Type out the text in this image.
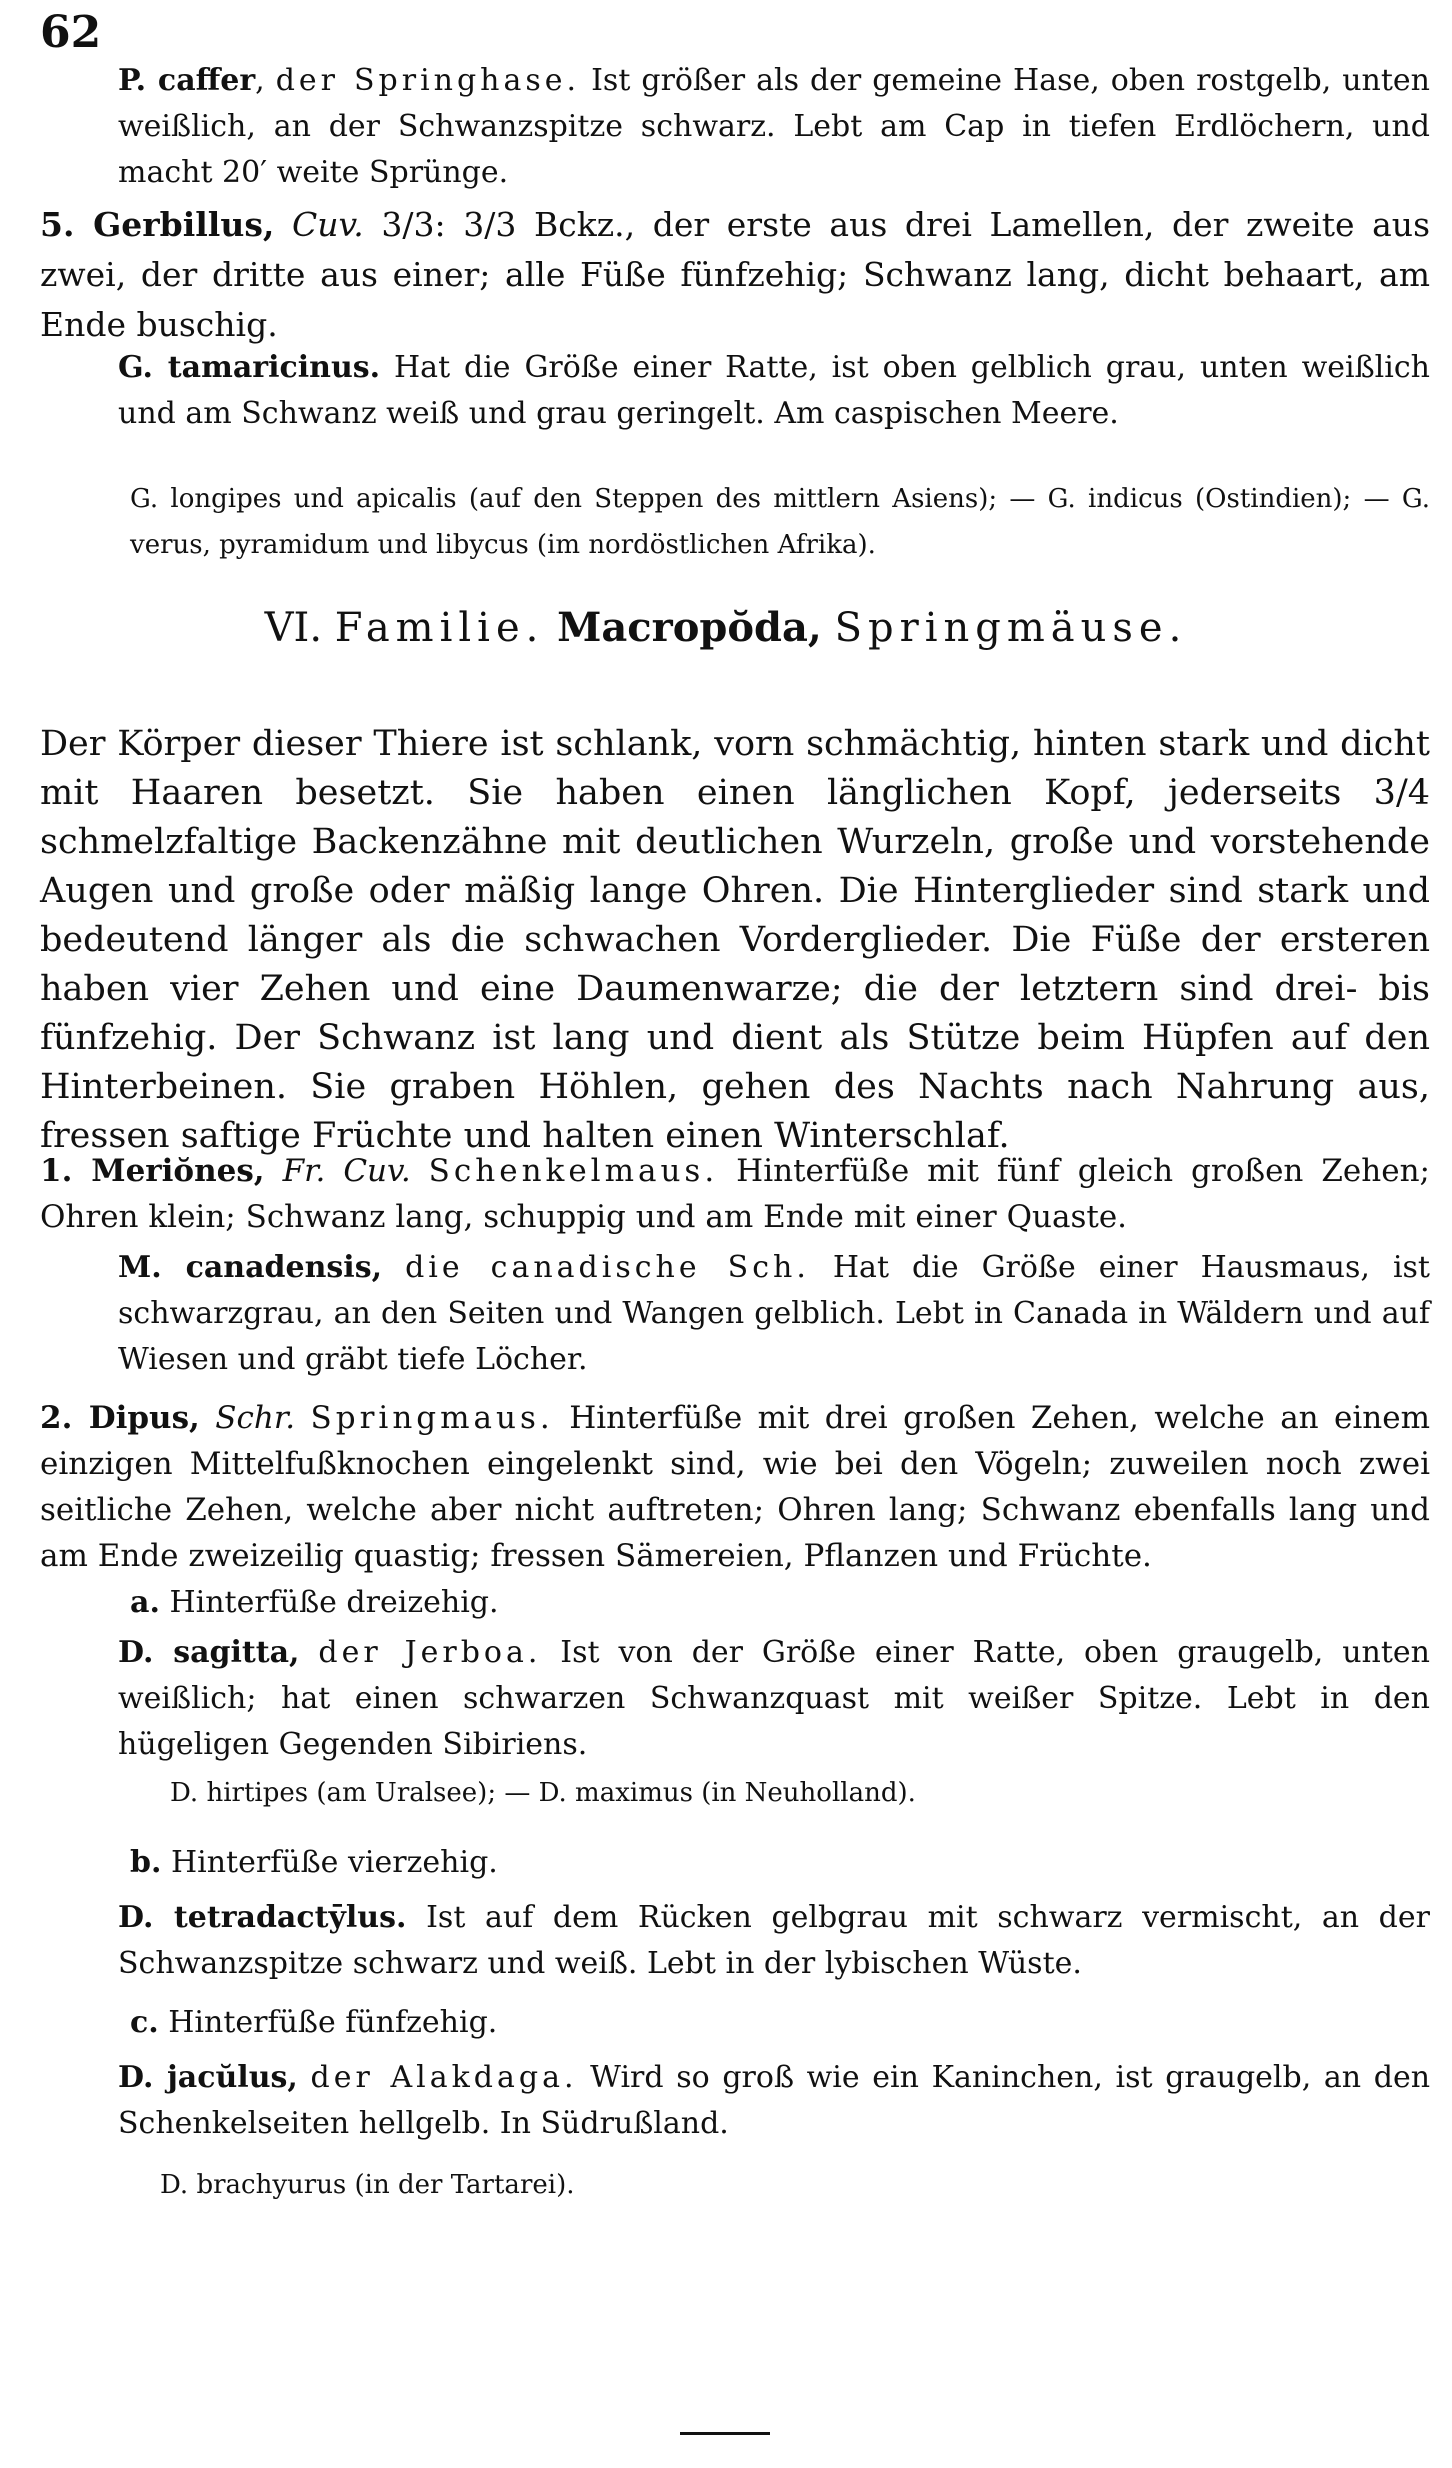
62

P. caffer, der Springhase. Ist größer als der gemeine Hase, oben rostgelb, unten weißlich, an der Schwanzspitze schwarz. Lebt am Cap in tiefen Erdlöchern, und macht 20′ weite Sprünge.

5. Gerbillus, Cuv. 3/3: 3/3 Bckz., der erste aus drei Lamellen, der zweite aus zwei, der dritte aus einer; alle Füße fünfzehig; Schwanz lang, dicht behaart, am Ende buschig.

G. tamaricinus. Hat die Größe einer Ratte, ist oben gelblich grau, unten weißlich und am Schwanz weiß und grau geringelt. Am caspischen Meere.

G. longipes und apicalis (auf den Steppen des mittlern Asiens); — G. indicus (Ostindien); — G. verus, pyramidum und libycus (im nordöstlichen Afrika).

VI. Familie. Macropŏda, Springmäuse.

Der Körper dieser Thiere ist schlank, vorn schmächtig, hinten stark und dicht mit Haaren besetzt. Sie haben einen länglichen Kopf, jederseits 3/4 schmelzfaltige Backenzähne mit deutlichen Wurzeln, große und vorstehende Augen und große oder mäßig lange Ohren. Die Hinterglieder sind stark und bedeutend länger als die schwachen Vorderglieder. Die Füße der ersteren haben vier Zehen und eine Daumenwarze; die der letztern sind drei- bis fünfzehig. Der Schwanz ist lang und dient als Stütze beim Hüpfen auf den Hinterbeinen. Sie graben Höhlen, gehen des Nachts nach Nahrung aus, fressen saftige Früchte und halten einen Winterschlaf.

1. Meriŏnes, Fr. Cuv. Schenkelmaus. Hinterfüße mit fünf gleich großen Zehen; Ohren klein; Schwanz lang, schuppig und am Ende mit einer Quaste.

M. canadensis, die canadische Sch. Hat die Größe einer Hausmaus, ist schwarzgrau, an den Seiten und Wangen gelblich. Lebt in Canada in Wäldern und auf Wiesen und gräbt tiefe Löcher.

2. Dipus, Schr. Springmaus. Hinterfüße mit drei großen Zehen, welche an einem einzigen Mittelfußknochen eingelenkt sind, wie bei den Vögeln; zuweilen noch zwei seitliche Zehen, welche aber nicht auftreten; Ohren lang; Schwanz ebenfalls lang und am Ende zweizeilig quastig; fressen Sämereien, Pflanzen und Früchte.

a. Hinterfüße dreizehig.

D. sagitta, der Jerboa. Ist von der Größe einer Ratte, oben graugelb, unten weißlich; hat einen schwarzen Schwanzquast mit weißer Spitze. Lebt in den hügeligen Gegenden Sibiriens.

D. hirtipes (am Uralsee); — D. maximus (in Neuholland).

b. Hinterfüße vierzehig.

D. tetradactȳlus. Ist auf dem Rücken gelbgrau mit schwarz vermischt, an der Schwanzspitze schwarz und weiß. Lebt in der lybischen Wüste.

c. Hinterfüße fünfzehig.

D. jacŭlus, der Alakdaga. Wird so groß wie ein Kaninchen, ist graugelb, an den Schenkelseiten hellgelb. In Südrußland.

D. brachyurus (in der Tartarei).
